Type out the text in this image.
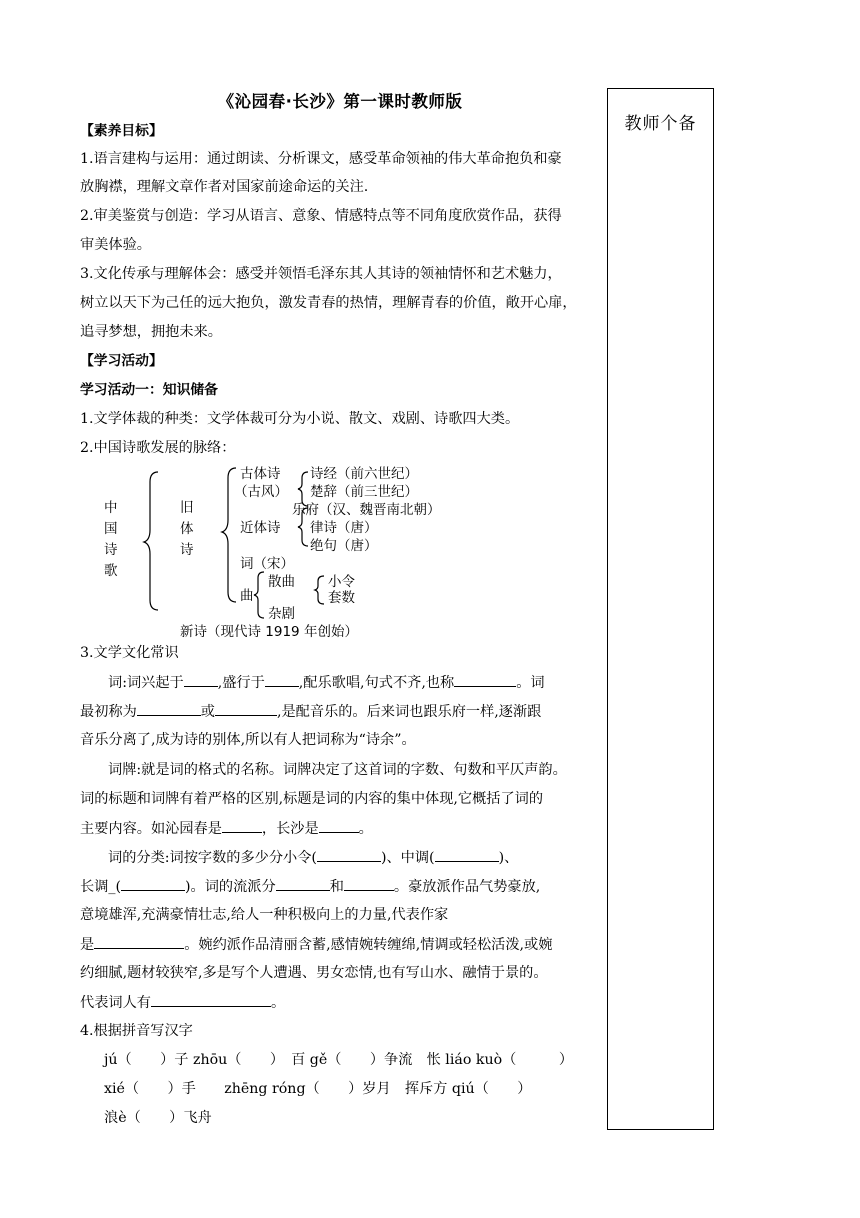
《沁园春·长沙》第一课时教师版
教师个备
【素养目标】
1.语言建构与运用：通过朗读、分析课文，感受革命领袖的伟大革命抱负和豪
放胸襟，理解文章作者对国家前途命运的关注.
2.审美鉴赏与创造：学习从语言、意象、情感特点等不同角度欣赏作品，获得
审美体验。
3.文化传承与理解体会：感受并领悟毛泽东其人其诗的领袖情怀和艺术魅力，
树立以天下为己任的远大抱负，激发青春的热情，理解青春的价值，敞开心扉，
追寻梦想，拥抱未来。
【学习活动】
学习活动一：知识储备
1.文学体裁的种类：文学体裁可分为小说、散文、戏剧、诗歌四大类。
2.中国诗歌发展的脉络：
中
国
诗
歌
旧
体
诗
古体诗
（古风）
诗经（前六世纪）
楚辞（前三世纪）
乐府（汉、魏晋南北朝）
近体诗 律诗（唐）
绝句（唐）
词（宋）
曲
散曲 小令
套数
杂剧
新诗（现代诗 1919 年创始）
3.文学文化常识
词:词兴起于 ,盛行于 ,配乐歌唱,句式不齐,也称	。词
最初称为	或	,是配音乐的。后来词也跟乐府一样,逐渐跟
音乐分离了,成为诗的别体,所以有人把词称为“诗余”。
词牌:就是词的格式的名称。词牌决定了这首词的字数、句数和平仄声韵。
词的标题和词牌有着严格的区别,标题是词的内容的集中体现,它概括了词的
主要内容。如沁园春是	，长沙是	。
词的分类:词按字数的多少分小令(	)、中调(	)、
长调_(	)。词的流派分	和	。豪放派作品气势豪放,
意境雄浑,充满豪情壮志,给人一种积极向上的力量,代表作家
是	。婉约派作品清丽含蓄,感情婉转缠绵,情调或轻松活泼,或婉
约细腻,题材较狭窄,多是写个人遭遇、男女恋情,也有写山水、融情于景的。
代表词人有	。
4.根据拼音写汉字
jú（　　）子 zhōu（　　）　百 gě（　　）争流　怅 liáo kuò（　　　）
xié（　　）手　　zhēng róng（　　）岁月　挥斥方 qiú（　　）
浪è（　　）飞舟
